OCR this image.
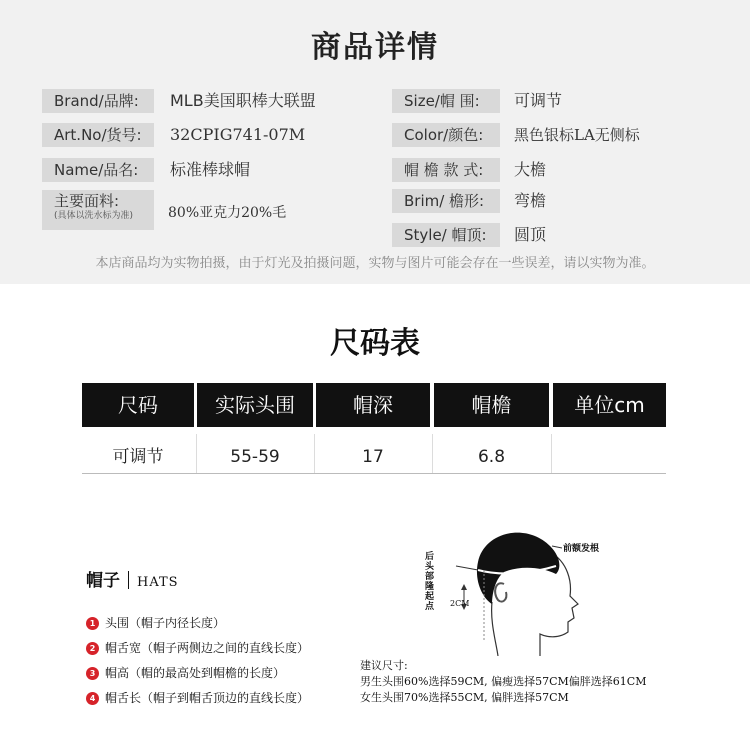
商品详情
Brand/品牌:	MLB美国职棒大联盟
Art.No/货号:	32CPIG741-07M
Name/品名:	标准棒球帽
主要面料:
(具体以洗水标为准)	80%亚克力20%毛
Size/帽 围:	可调节
Color/颜色:	黑色银标LA无侧标
帽 檐 款 式:	大檐
Brim/ 檐形:	弯檐
Style/ 帽顶:	圆顶
本店商品均为实物拍摄，由于灯光及拍摄问题，实物与图片可能会存在一些误差，请以实物为准。
尺码表
尺码	实际头围	帽深	帽檐	单位cm
可调节	55-59	17	6.8
帽子 HATS
1 头围（帽子内径长度）
2 帽舌宽（帽子两侧边之间的直线长度）
3 帽高（帽的最高处到帽檐的长度）
4 帽舌长（帽子到帽舌顶边的直线长度）
前额发根
后头部隆起点	2CM
建议尺寸:
男生头围60%选择59CM, 偏瘦选择57CM偏胖选择61CM
女生头围70%选择55CM, 偏胖选择57CM
